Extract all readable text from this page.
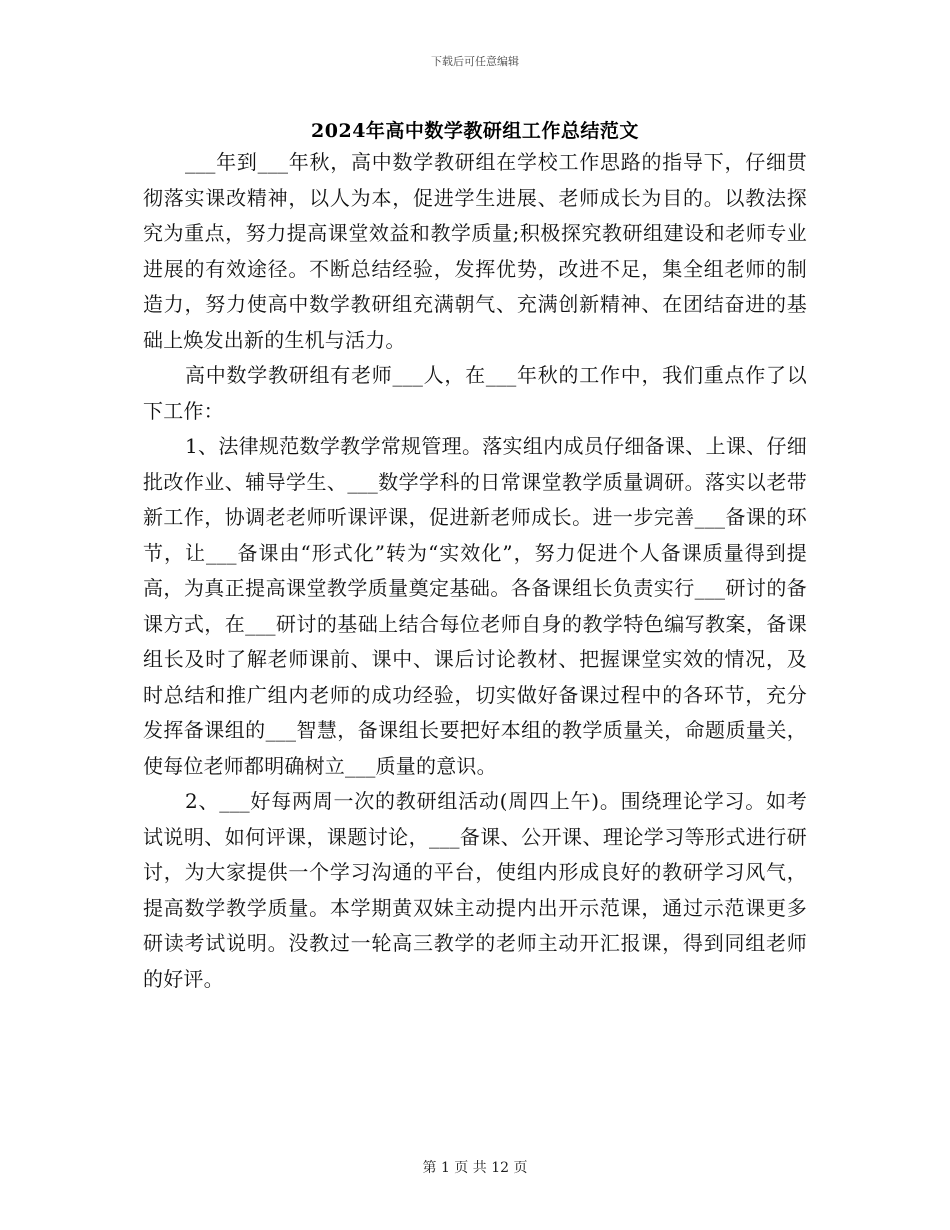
下载后可任意编辑
2024年高中数学教研组工作总结范文

___年到___年秋，高中数学教研组在学校工作思路的指导下，仔细贯彻落实课改精神，以人为本，促进学生进展、老师成长为目的。以教法探究为重点，努力提高课堂效益和教学质量;积极探究教研组建设和老师专业进展的有效途径。不断总结经验，发挥优势，改进不足，集全组老师的制造力，努力使高中数学教研组充满朝气、充满创新精神、在团结奋进的基础上焕发出新的生机与活力。

高中数学教研组有老师___人，在___年秋的工作中，我们重点作了以下工作：

1、法律规范数学教学常规管理。落实组内成员仔细备课、上课、仔细批改作业、辅导学生、___数学学科的日常课堂教学质量调研。落实以老带新工作，协调老老师听课评课，促进新老师成长。进一步完善___备课的环节，让___备课由“形式化”转为“实效化”，努力促进个人备课质量得到提高，为真正提高课堂教学质量奠定基础。各备课组长负责实行___研讨的备课方式，在___研讨的基础上结合每位老师自身的教学特色编写教案，备课组长及时了解老师课前、课中、课后讨论教材、把握课堂实效的情况，及时总结和推广组内老师的成功经验，切实做好备课过程中的各环节，充分发挥备课组的___智慧，备课组长要把好本组的教学质量关，命题质量关，使每位老师都明确树立___质量的意识。

2、___好每两周一次的教研组活动(周四上午)。围绕理论学习。如考试说明、如何评课，课题讨论，___备课、公开课、理论学习等形式进行研讨，为大家提供一个学习沟通的平台，使组内形成良好的教研学习风气，提高数学教学质量。本学期黄双妹主动提内出开示范课，通过示范课更多研读考试说明。没教过一轮高三教学的老师主动开汇报课，得到同组老师的好评。

第 1 页 共 12 页
